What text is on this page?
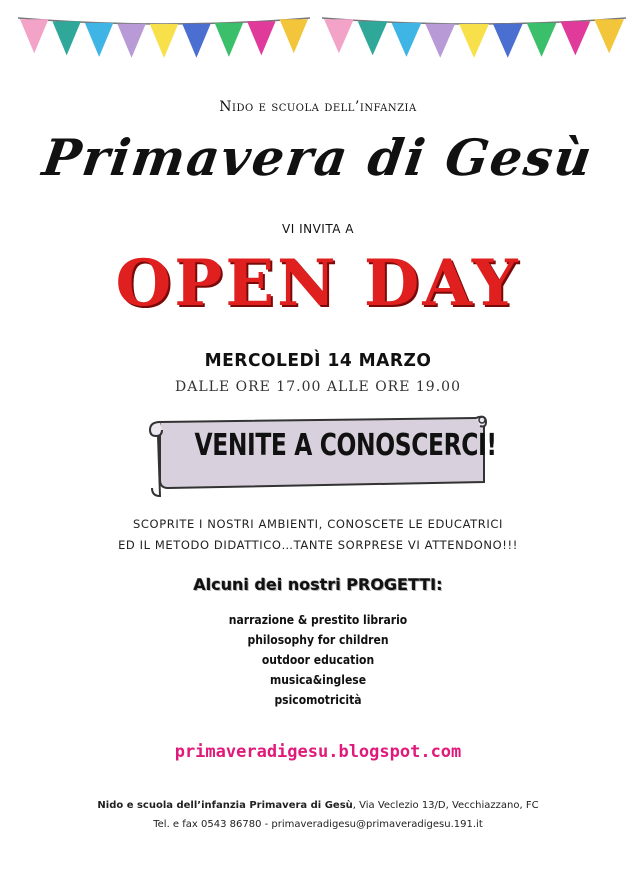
Nido e scuola dell’infanzia
Primavera di Gesù
VI INVITA A
OPEN DAY
MERCOLEDÌ 14 MARZO
DALLE ORE 17.00 ALLE ORE 19.00
VENITE A CONOSCERCI!
SCOPRITE I NOSTRI AMBIENTI, CONOSCETE LE EDUCATRICI
ED IL METODO DIDATTICO…TANTE SORPRESE VI ATTENDONO!!!
Alcuni dei nostri PROGETTI:
narrazione & prestito librario
philosophy for children
outdoor education
musica&inglese
psicomotricità
primaveradigesu.blogspot.com
Nido e scuola dell’infanzia Primavera di Gesù, Via Veclezio 13/D, Vecchiazzano, FC
Tel. e fax 0543 86780 - primaveradigesu@primaveradigesu.191.it
